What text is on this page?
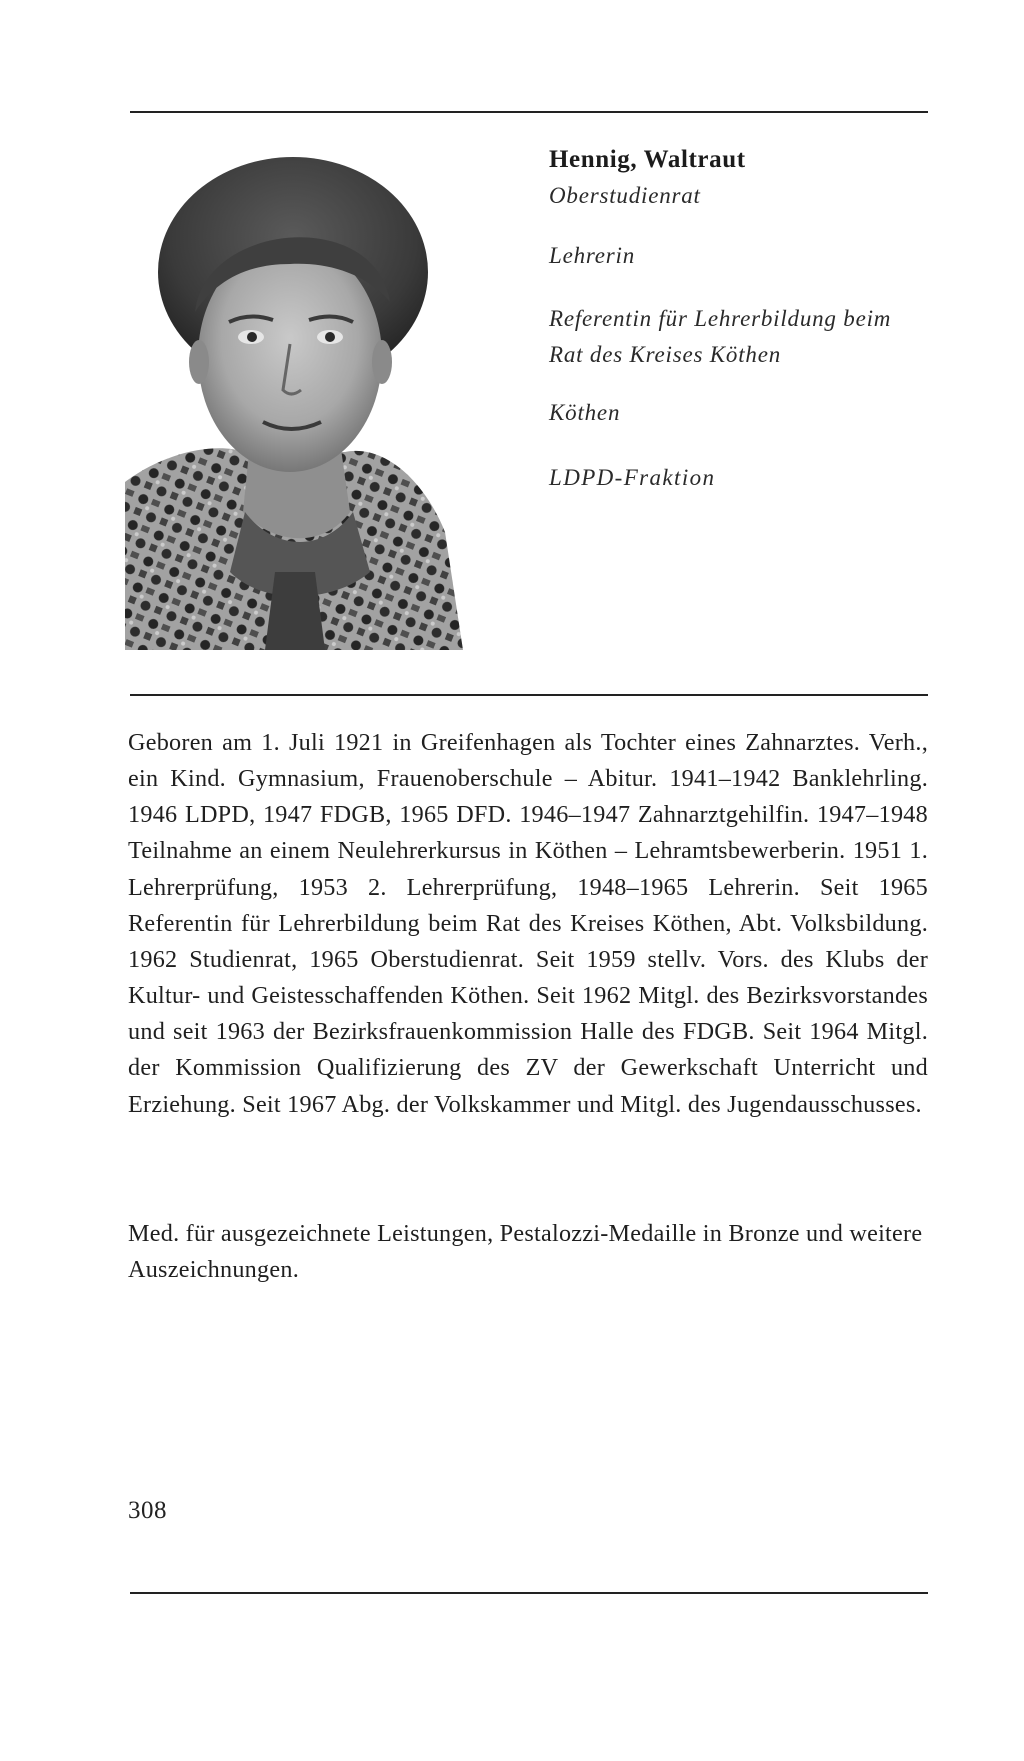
Hennig, Waltraut

Oberstudienrat

Lehrerin

Referentin für Lehrerbildung beim Rat des Kreises Köthen

Köthen

LDPD-Fraktion

Geboren am 1. Juli 1921 in Greifenhagen als Tochter eines Zahnarztes. Verh., ein Kind. Gymnasium, Frauenoberschule – Abitur. 1941–1942 Banklehrling. 1946 LDPD, 1947 FDGB, 1965 DFD. 1946–1947 Zahnarztgehilfin. 1947–1948 Teilnahme an einem Neulehrerkursus in Köthen – Lehramtsbewerberin. 1951 1. Lehrerprüfung, 1953 2. Lehrerprüfung, 1948–1965 Lehrerin. Seit 1965 Referentin für Lehrerbildung beim Rat des Kreises Köthen, Abt. Volksbildung. 1962 Studienrat, 1965 Oberstudienrat. Seit 1959 stellv. Vors. des Klubs der Kultur- und Geistesschaffenden Köthen. Seit 1962 Mitgl. des Bezirksvorstandes und seit 1963 der Bezirksfrauenkommission Halle des FDGB. Seit 1964 Mitgl. der Kommission Qualifizierung des ZV der Gewerkschaft Unterricht und Erziehung. Seit 1967 Abg. der Volkskammer und Mitgl. des Jugendausschusses.

Med. für ausgezeichnete Leistungen, Pestalozzi-Medaille in Bronze und weitere Auszeichnungen.

308
